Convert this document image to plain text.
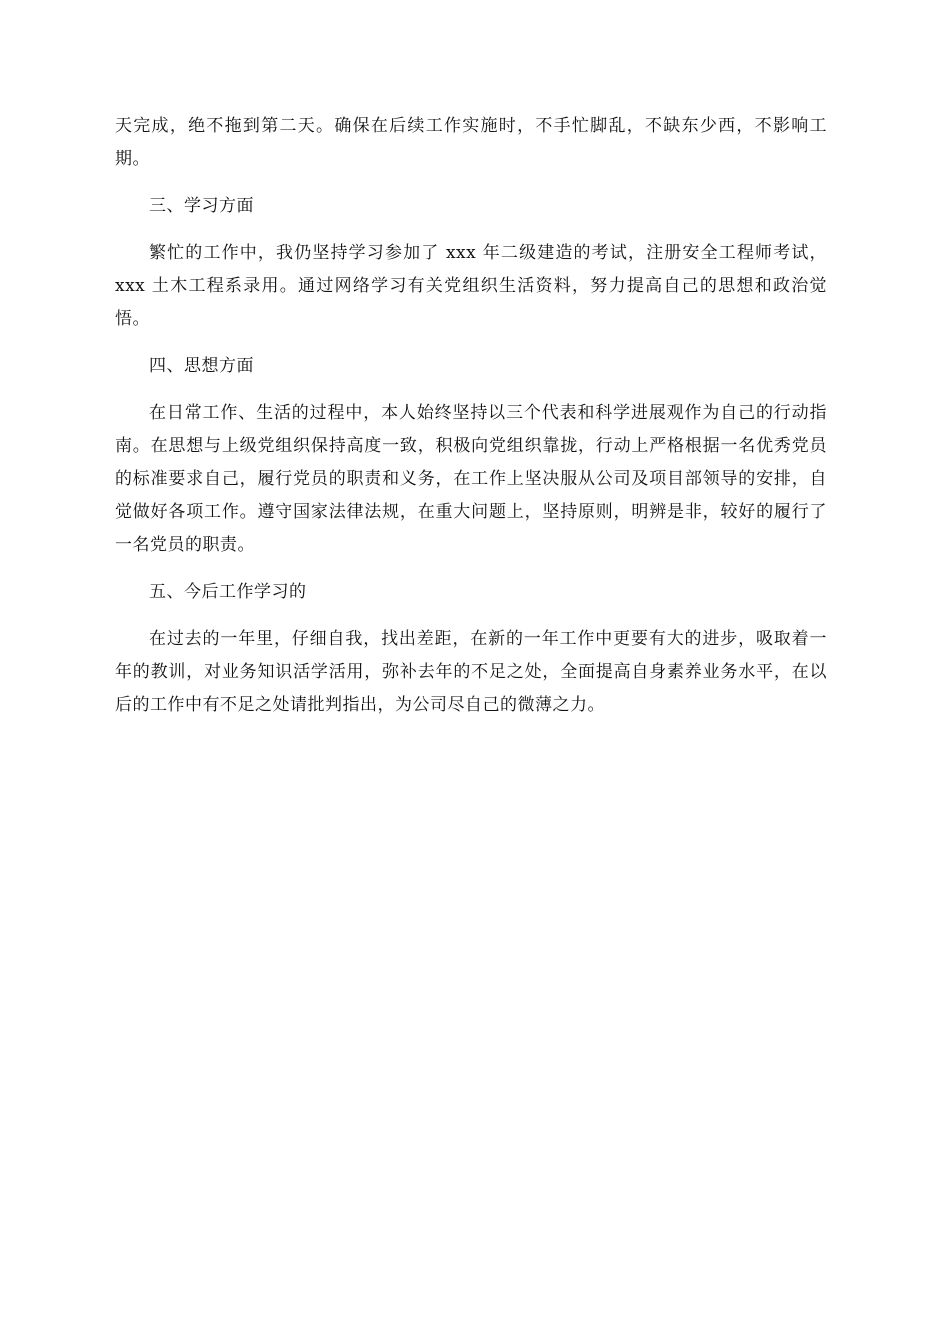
天完成，绝不拖到第二天。确保在后续工作实施时，不手忙脚乱，不缺东少西，不影响工期。

三、学习方面

繁忙的工作中，我仍坚持学习参加了 xxx 年二级建造的考试，注册安全工程师考试，xxx 土木工程系录用。通过网络学习有关党组织生活资料，努力提高自己的思想和政治觉悟。

四、思想方面

在日常工作、生活的过程中，本人始终坚持以三个代表和科学进展观作为自己的行动指南。在思想与上级党组织保持高度一致，积极向党组织靠拢，行动上严格根据一名优秀党员的标准要求自己，履行党员的职责和义务，在工作上坚决服从公司及项目部领导的安排，自觉做好各项工作。遵守国家法律法规，在重大问题上，坚持原则，明辨是非，较好的履行了一名党员的职责。

五、今后工作学习的

在过去的一年里，仔细自我，找出差距，在新的一年工作中更要有大的进步，吸取着一年的教训，对业务知识活学活用，弥补去年的不足之处，全面提高自身素养业务水平，在以后的工作中有不足之处请批判指出，为公司尽自己的微薄之力。
